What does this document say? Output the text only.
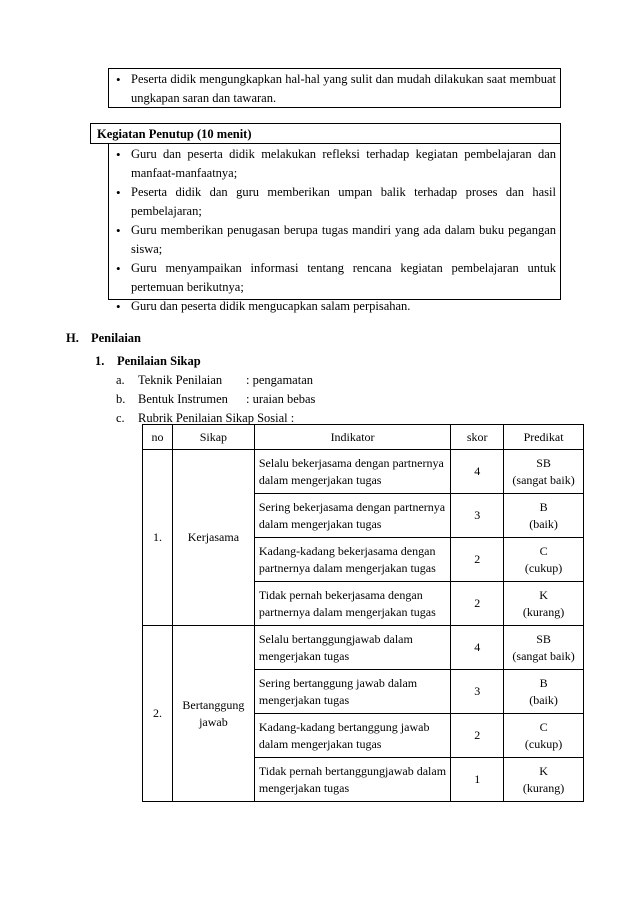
• Peserta didik mengungkapkan hal-hal yang sulit dan mudah dilakukan saat membuat ungkapan saran dan tawaran.
Kegiatan Penutup (10 menit)
• Guru dan peserta didik melakukan refleksi terhadap kegiatan pembelajaran dan manfaat-manfaatnya;
• Peserta didik dan guru memberikan umpan balik terhadap proses dan hasil pembelajaran;
• Guru memberikan penugasan berupa tugas mandiri yang ada dalam buku pegangan siswa;
• Guru menyampaikan informasi tentang rencana kegiatan pembelajaran untuk pertemuan berikutnya;
• Guru dan peserta didik mengucapkan salam perpisahan.
H. Penilaian
1. Penilaian Sikap
a. Teknik Penilaian : pengamatan
b. Bentuk Instrumen : uraian bebas
c. Rubrik Penilaian Sikap Sosial :
no	Sikap	Indikator	skor	Predikat
1.	Kerjasama	Selalu bekerjasama dengan partnernya dalam mengerjakan tugas	4	SB
(sangat baik)

		Sering bekerjasama dengan partnernya dalam mengerjakan tugas	3	B
(baik)

		Kadang-kadang bekerjasama dengan partnernya dalam mengerjakan tugas	2	C
(cukup)

		Tidak pernah bekerjasama dengan partnernya dalam mengerjakan tugas	2	K
(kurang)

2.	Bertanggung jawab	Selalu bertanggungjawab dalam mengerjakan tugas	4	SB
(sangat baik)

		Sering bertanggung jawab dalam mengerjakan tugas	3	B
(baik)

		Kadang-kadang bertanggung jawab dalam mengerjakan tugas	2	C
(cukup)

		Tidak pernah bertanggungjawab dalam mengerjakan tugas	1	K
(kurang)
